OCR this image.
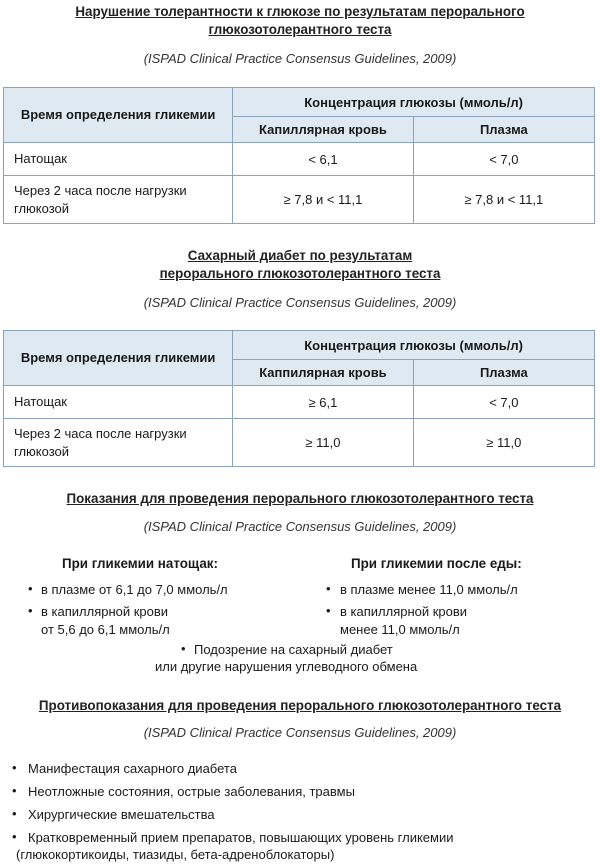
Нарушение толерантности к глюкозе по результатам перорального

глюкозотолерантного теста

(ISPAD Clinical Practice Consensus Guidelines, 2009)

Время определения гликемии	Концентрация глюкозы (ммоль/л)	
	Капиллярная кровь	Плазма
Натощак	< 6,1	< 7,0
Через 2 часа после нагрузки глюкозой	≥ 7,8 и < 11,1	≥ 7,8 и < 11,1

Сахарный диабет по результатам

перорального глюкозотолерантного теста

(ISPAD Clinical Practice Consensus Guidelines, 2009)

Время определения гликемии	Концентрация глюкозы (ммоль/л)	
	Каппилярная кровь	Плазма
Натощак	≥ 6,1	< 7,0
Через 2 часа после нагрузки глюкозой	≥ 11,0	≥ 11,0

Показания для проведения перорального глюкозотолерантного теста

(ISPAD Clinical Practice Consensus Guidelines, 2009)

При гликемии натощак:	При гликемии после еды:
• в плазме от 6,1 до 7,0 ммоль/л
• в капиллярной крови
от 5,6 до 6,1 ммоль/л
• в плазме менее 11,0 ммоль/л
• в капиллярной крови
менее 11,0 ммоль/л
• Подозрение на сахарный диабет
или другие нарушения углеводного обмена

Противопоказания для проведения перорального глюкозотолерантного теста

(ISPAD Clinical Practice Consensus Guidelines, 2009)

• Манифестация сахарного диабета
• Неотложные состояния, острые заболевания, травмы
• Хирургические вмешательства
• Кратковременный прием препаратов, повышающих уровень гликемии
(глюкокортикоиды, тиазиды, бета-адреноблокаторы)
